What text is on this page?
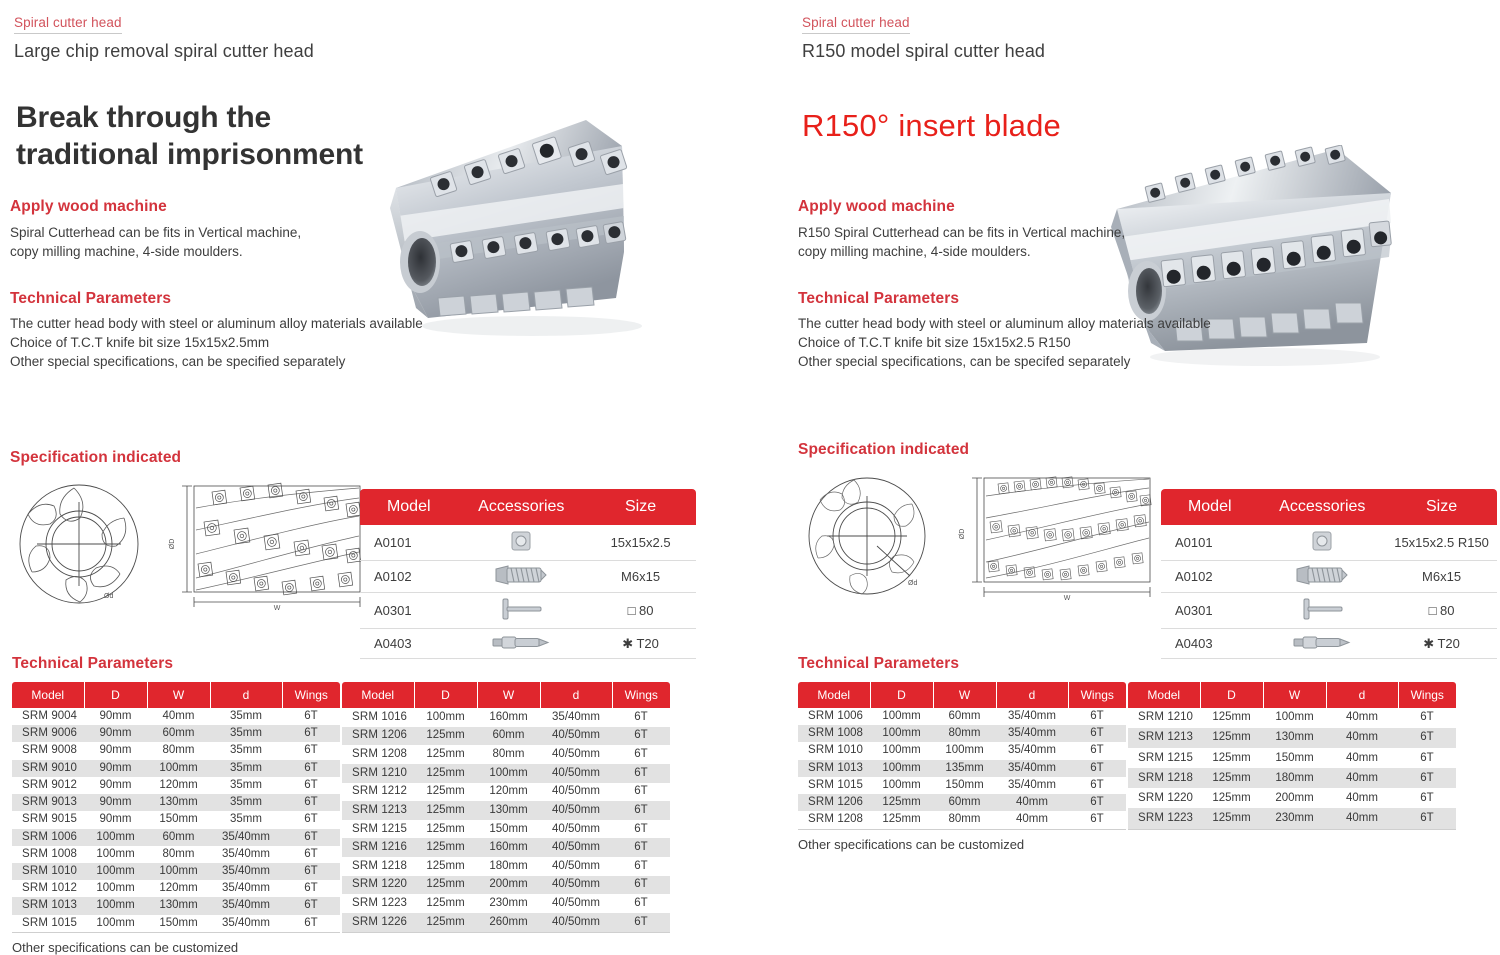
Spiral cutter head
Large chip removal spiral cutter head
Break through the traditional imprisonment
Apply wood machine
Spiral Cutterhead can be fits in Vertical machine,
copy milling machine, 4-side moulders.
Technical Parameters
The cutter head body with steel or aluminum alloy materials available
Choice of T.C.T knife bit size 15x15x2.5mm
Other special specifications, can be specified separately
Specification indicated
Ød
ØD
W
Model	Accessories	Size
A0101		15x15x2.5
A0102		M6x15
A0301		□ 80
A0403		✱ T20
Technical Parameters
Model	D	W	d	Wings
SRM 9004	90mm	40mm	35mm	6T
SRM 9006	90mm	60mm	35mm	6T
SRM 9008	90mm	80mm	35mm	6T
SRM 9010	90mm	100mm	35mm	6T
SRM 9012	90mm	120mm	35mm	6T
SRM 9013	90mm	130mm	35mm	6T
SRM 9015	90mm	150mm	35mm	6T
SRM 1006	100mm	60mm	35/40mm	6T
SRM 1008	100mm	80mm	35/40mm	6T
SRM 1010	100mm	100mm	35/40mm	6T
SRM 1012	100mm	120mm	35/40mm	6T
SRM 1013	100mm	130mm	35/40mm	6T
SRM 1015	100mm	150mm	35/40mm	6T
Model	D	W	d	Wings
SRM 1016	100mm	160mm	35/40mm	6T
SRM 1206	125mm	60mm	40/50mm	6T
SRM 1208	125mm	80mm	40/50mm	6T
SRM 1210	125mm	100mm	40/50mm	6T
SRM 1212	125mm	120mm	40/50mm	6T
SRM 1213	125mm	130mm	40/50mm	6T
SRM 1215	125mm	150mm	40/50mm	6T
SRM 1216	125mm	160mm	40/50mm	6T
SRM 1218	125mm	180mm	40/50mm	6T
SRM 1220	125mm	200mm	40/50mm	6T
SRM 1223	125mm	230mm	40/50mm	6T
SRM 1226	125mm	260mm	40/50mm	6T
Other specifications can be customized
Spiral cutter head
R150 model spiral cutter head
R150° insert blade
Apply wood machine
R150 Spiral Cutterhead can be fits in Vertical machine,
copy milling machine, 4-side moulders.
Technical Parameters
The cutter head body with steel or aluminum alloy materials available
Choice of T.C.T knife bit size 15x15x2.5 R150
Other special specifications, can be specifed separately
Specification indicated
Ød
ØD
W
Model	Accessories	Size
A0101		15x15x2.5 R150
A0102		M6x15
A0301		□ 80
A0403		✱ T20
Technical Parameters
Model	D	W	d	Wings
SRM 1006	100mm	60mm	35/40mm	6T
SRM 1008	100mm	80mm	35/40mm	6T
SRM 1010	100mm	100mm	35/40mm	6T
SRM 1013	100mm	135mm	35/40mm	6T
SRM 1015	100mm	150mm	35/40mm	6T
SRM 1206	125mm	60mm	40mm	6T
SRM 1208	125mm	80mm	40mm	6T
Model	D	W	d	Wings
SRM 1210	125mm	100mm	40mm	6T
SRM 1213	125mm	130mm	40mm	6T
SRM 1215	125mm	150mm	40mm	6T
SRM 1218	125mm	180mm	40mm	6T
SRM 1220	125mm	200mm	40mm	6T
SRM 1223	125mm	230mm	40mm	6T
Other specifications can be customized
